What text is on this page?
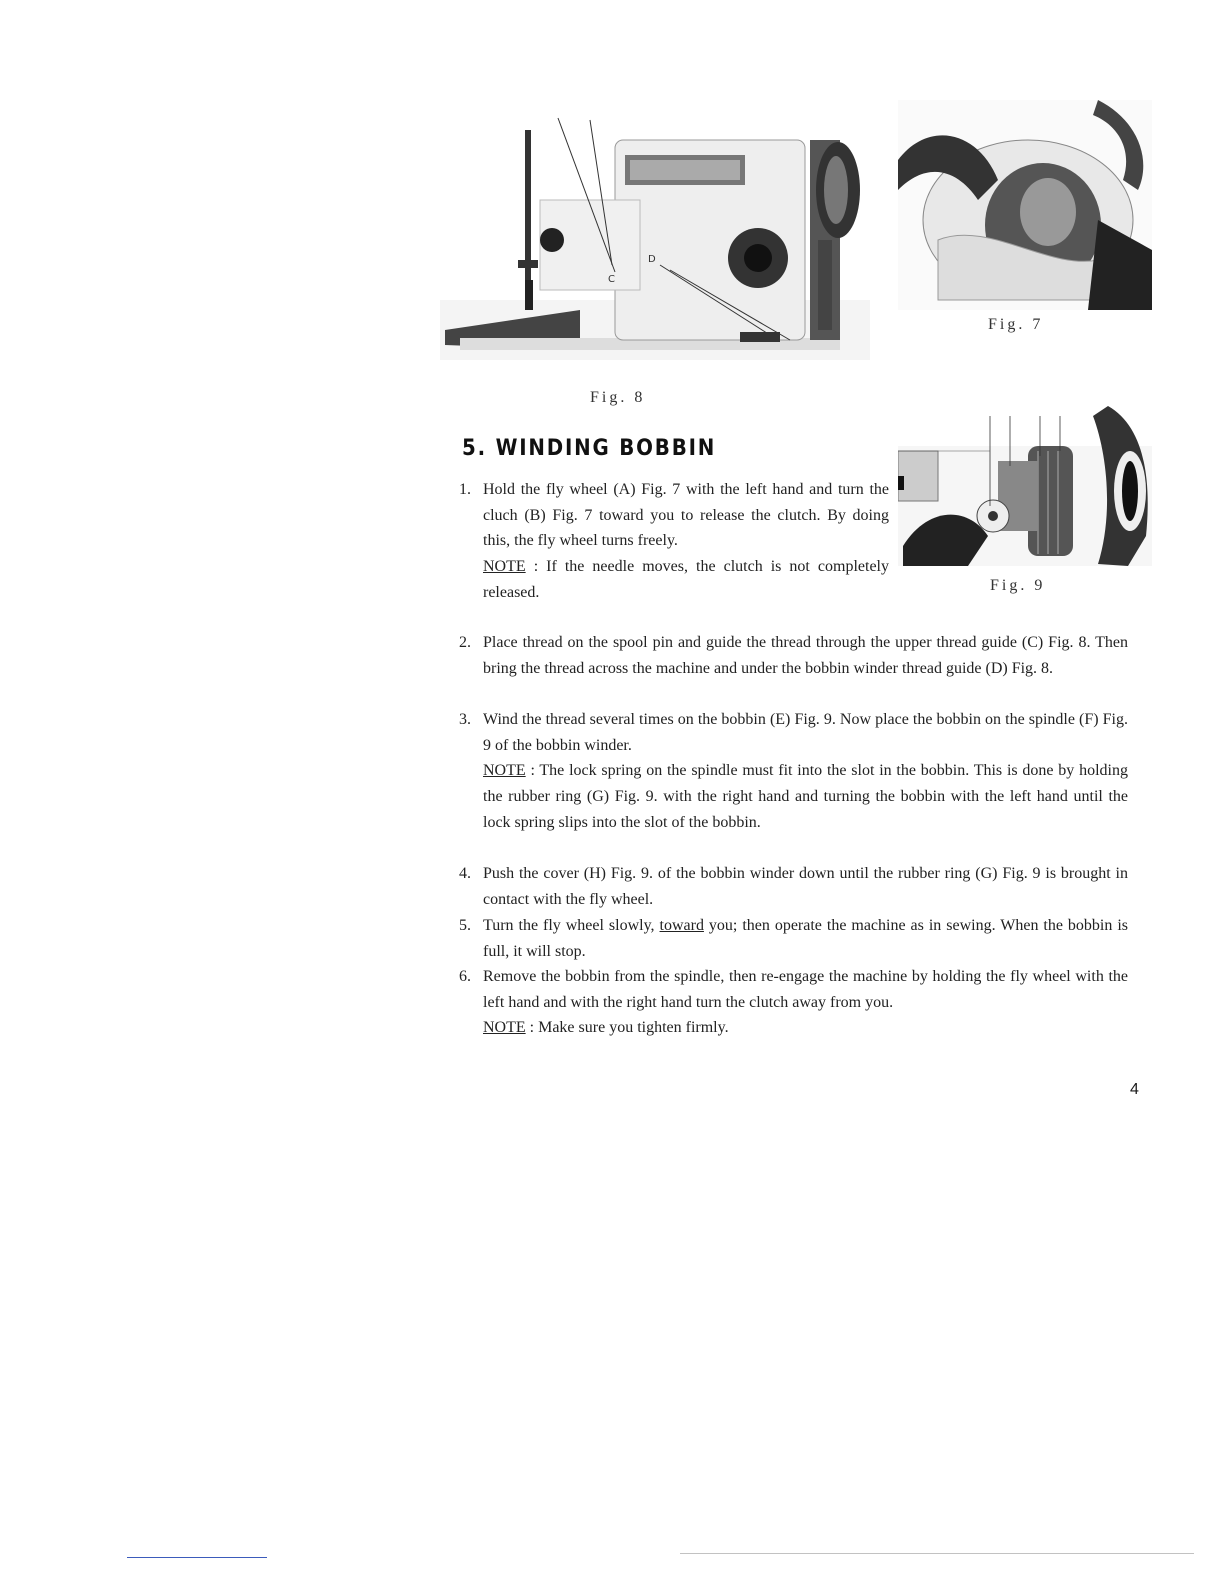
C
D
Fig. 7
Fig. 8
Fig. 9
5. WINDING BOBBIN
1. Hold the fly wheel (A) Fig. 7 with the left hand and turn the cluch (B) Fig. 7 toward you to release the clutch. By doing this, the fly wheel turns freely.
NOTE : If the needle moves, the clutch is not completely released.
2. Place thread on the spool pin and guide the thread through the upper thread guide (C) Fig. 8. Then bring the thread across the machine and under the bobbin winder thread guide (D) Fig. 8.
3. Wind the thread several times on the bobbin (E) Fig. 9. Now place the bobbin on the spindle (F) Fig. 9 of the bobbin winder.
NOTE : The lock spring on the spindle must fit into the slot in the bobbin. This is done by holding the rubber ring (G) Fig. 9. with the right hand and turning the bobbin with the left hand until the lock spring slips into the slot of the bobbin.
4. Push the cover (H) Fig. 9. of the bobbin winder down until the rubber ring (G) Fig. 9 is brought in contact with the fly wheel.
5. Turn the fly wheel slowly, toward you; then operate the machine as in sewing. When the bobbin is full, it will stop.
6. Remove the bobbin from the spindle, then re-engage the machine by holding the fly wheel with the left hand and with the right hand turn the clutch away from you.
NOTE : Make sure you tighten firmly.
4
